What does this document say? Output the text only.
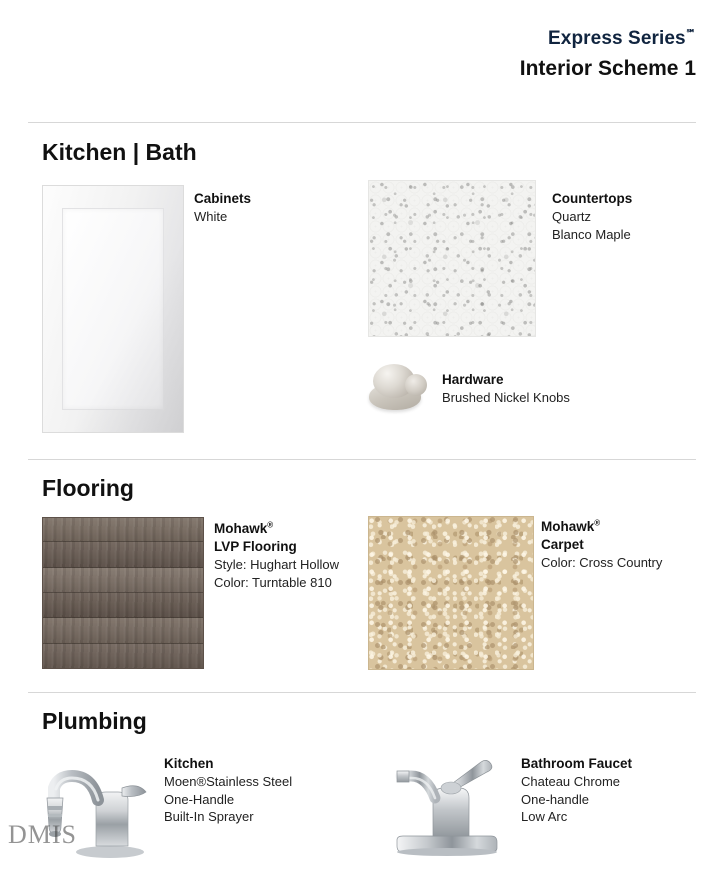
Express Series℠
Interior Scheme 1
Kitchen | Bath
Cabinets
White
Countertops
Quartz
Blanco Maple
Hardware
Brushed Nickel Knobs
Flooring
Mohawk®
LVP Flooring
Style: Hughart Hollow
Color: Turntable 810
Mohawk®
Carpet
Color: Cross Country
Plumbing
Kitchen
Moen®Stainless Steel
One-Handle
Built-In Sprayer
Bathroom Faucet
Chateau Chrome
One-handle
Low Arc
DMIS
